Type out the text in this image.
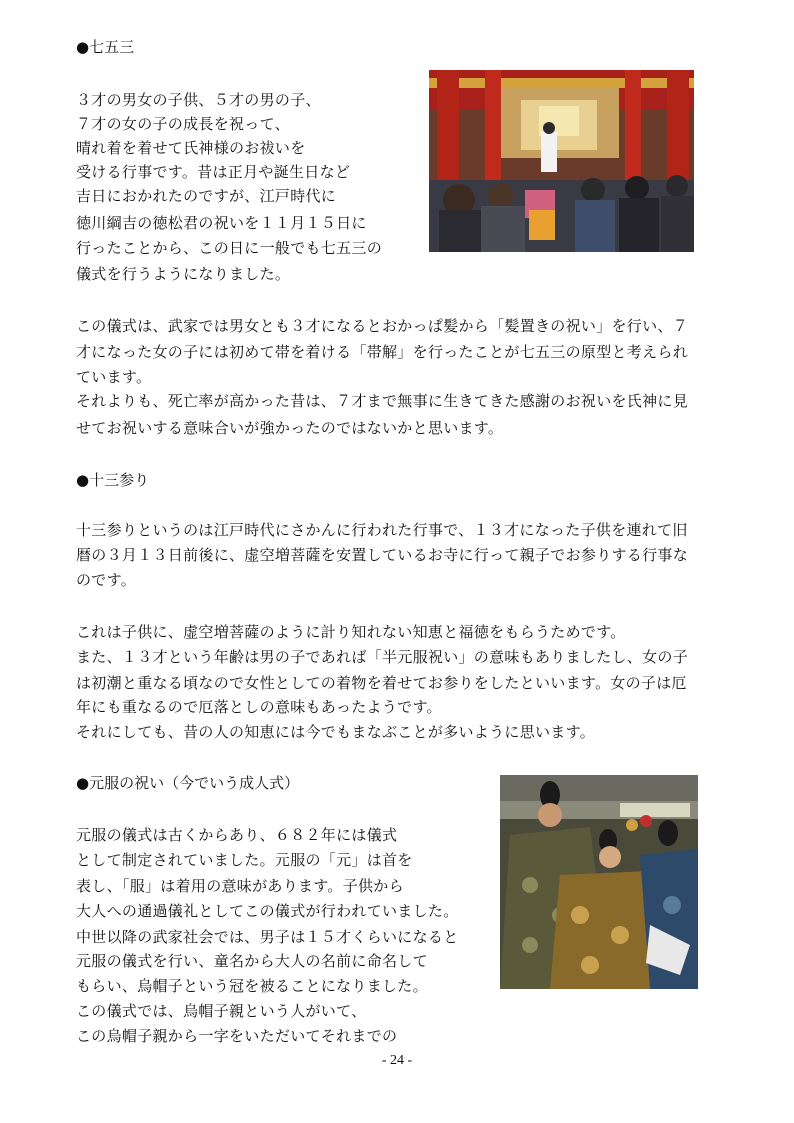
●七五三
３才の男女の子供、５才の男の子、
７才の女の子の成長を祝って、
晴れ着を着せて氏神様のお祓いを
受ける行事です。昔は正月や誕生日など
吉日におかれたのですが、江戸時代に
徳川綱吉の徳松君の祝いを１１月１５日に
行ったことから、この日に一般でも七五三の
儀式を行うようになりました。
この儀式は、武家では男女とも３才になるとおかっぱ髪から「髪置きの祝い」を行い、７
才になった女の子には初めて帯を着ける「帯解」を行ったことが七五三の原型と考えられ
ています。
それよりも、死亡率が高かった昔は、７才まで無事に生きてきた感謝のお祝いを氏神に見
せてお祝いする意味合いが強かったのではないかと思います。
●十三参り
十三参りというのは江戸時代にさかんに行われた行事で、１３才になった子供を連れて旧
暦の３月１３日前後に、虚空増菩薩を安置しているお寺に行って親子でお参りする行事な
のです。
これは子供に、虚空増菩薩のように計り知れない知恵と福徳をもらうためです。
また、１３才という年齢は男の子であれば「半元服祝い」の意味もありましたし、女の子
は初潮と重なる頃なので女性としての着物を着せてお参りをしたといいます。女の子は厄
年にも重なるので厄落としの意味もあったようです。
それにしても、昔の人の知恵には今でもまなぶことが多いように思います。
●元服の祝い（今でいう成人式）
元服の儀式は古くからあり、６８２年には儀式
として制定されていました。元服の「元」は首を
表し、「服」は着用の意味があります。子供から
大人への通過儀礼としてこの儀式が行われていました。
中世以降の武家社会では、男子は１５才くらいになると
元服の儀式を行い、童名から大人の名前に命名して
もらい、烏帽子という冠を被ることになりました。
この儀式では、烏帽子親という人がいて、
この烏帽子親から一字をいただいてそれまでの
- 24 -
